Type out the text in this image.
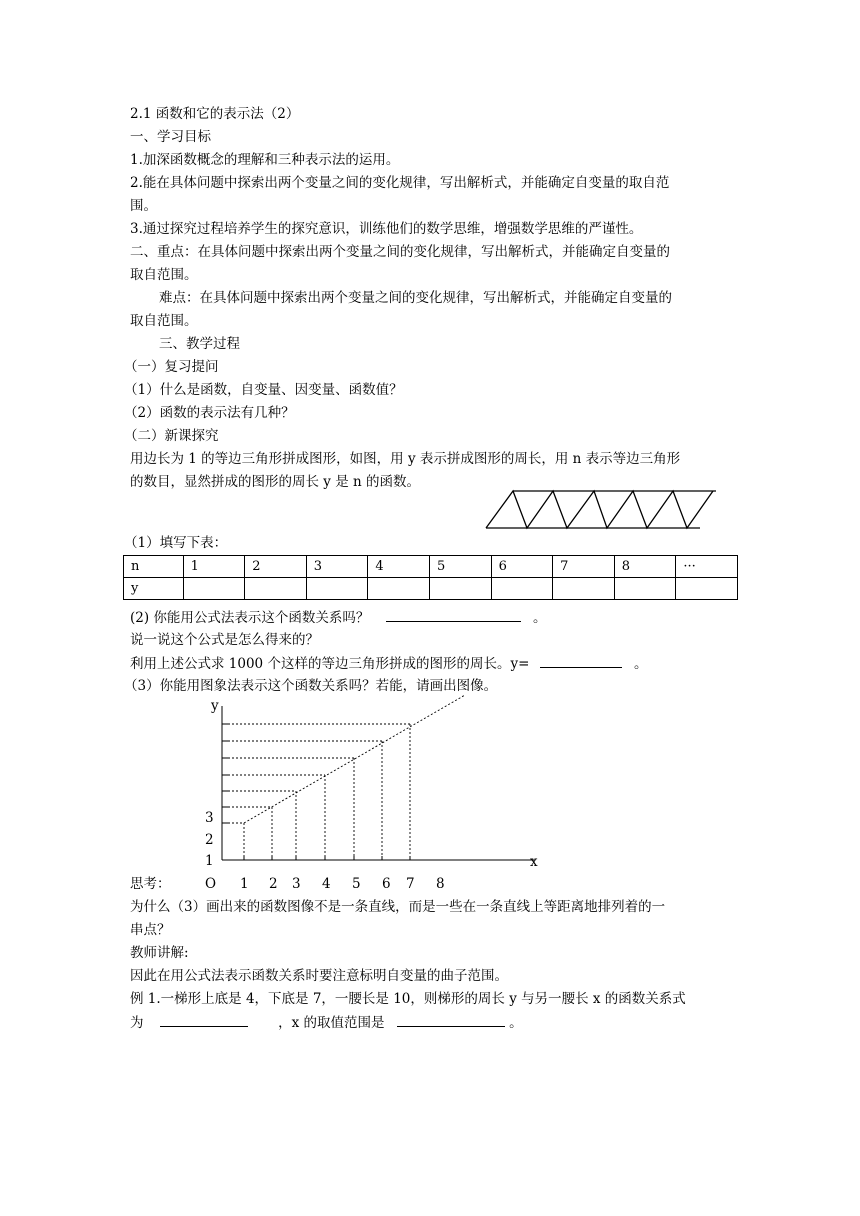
2.1 函数和它的表示法（2）
一、学习目标
1.加深函数概念的理解和三种表示法的运用。
2.能在具体问题中探索出两个变量之间的变化规律，写出解析式，并能确定自变量的取自范
围。
3.通过探究过程培养学生的探究意识，训练他们的数学思维，增强数学思维的严谨性。
二、重点：在具体问题中探索出两个变量之间的变化规律，写出解析式，并能确定自变量的
取自范围。
难点：在具体问题中探索出两个变量之间的变化规律，写出解析式，并能确定自变量的
取自范围。
三、教学过程
（一）复习提问
（1）什么是函数，自变量、因变量、函数值？
（2）函数的表示法有几种？
（二）新课探究
用边长为 1 的等边三角形拼成图形，如图，用 y 表示拼成图形的周长，用 n 表示等边三角形
的数目，显然拼成的图形的周长 y 是 n 的函数。
（1）填写下表：
n	1	2	3	4	5	6	7	8	···
y									
(2) 你能用公式法表示这个函数关系吗？	。
说一说这个公式是怎么得来的？
利用上述公式求 1000 个这样的等边三角形拼成的图形的周长。y=	。
（3）你能用图象法表示这个函数关系吗？若能，请画出图像。
y
x
1
2
3
思考：	O 1 2 3 4 5 6 7 8
为什么（3）画出来的函数图像不是一条直线，而是一些在一条直线上等距离地排列着的一
串点？
教师讲解:
因此在用公式法表示函数关系时要注意标明自变量的曲子范围。
例 1.一梯形上底是 4，下底是 7，一腰长是 10，则梯形的周长 y 与另一腰长 x 的函数关系式
为	，x 的取值范围是	。
